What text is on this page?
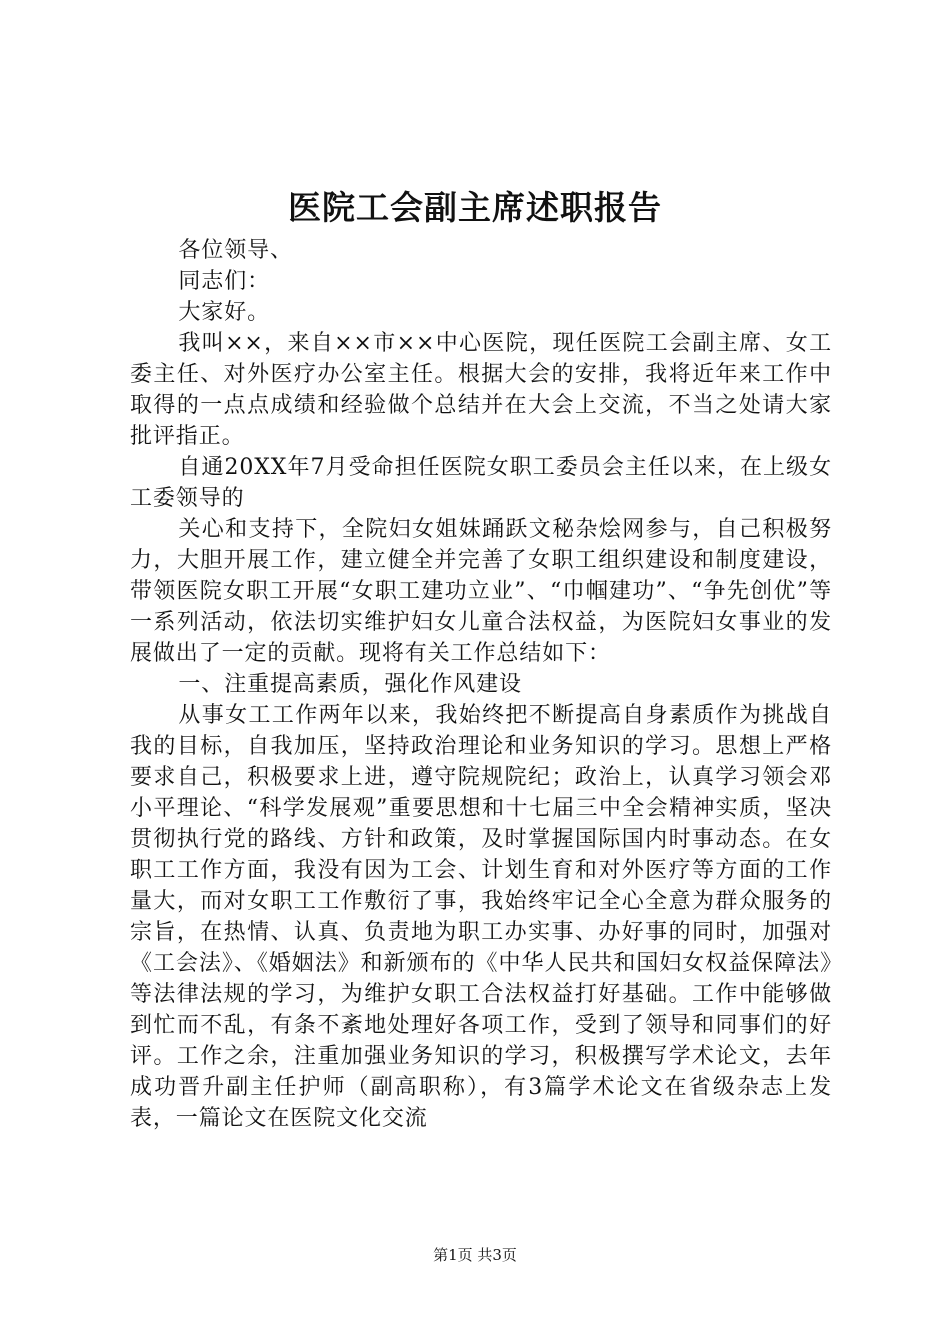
医院工会副主席述职报告

各位领导、

同志们：

大家好。

我叫××，来自××市××中心医院，现任医院工会副主席、女工委主任、对外医疗办公室主任。根据大会的安排，我将近年来工作中取得的一点点成绩和经验做个总结并在大会上交流，不当之处请大家批评指正。

自通20XX年7月受命担任医院女职工委员会主任以来，在上级女工委领导的

关心和支持下，全院妇女姐妹踊跃文秘杂烩网参与，自己积极努力，大胆开展工作，建立健全并完善了女职工组织建设和制度建设，带领医院女职工开展“女职工建功立业”、“巾帼建功”、“争先创优”等一系列活动，依法切实维护妇女儿童合法权益，为医院妇女事业的发展做出了一定的贡献。现将有关工作总结如下：

一、注重提高素质，强化作风建设

从事女工工作两年以来，我始终把不断提高自身素质作为挑战自我的目标，自我加压，坚持政治理论和业务知识的学习。思想上严格要求自己，积极要求上进，遵守院规院纪；政治上，认真学习领会邓小平理论、“科学发展观”重要思想和十七届三中全会精神实质，坚决贯彻执行党的路线、方针和政策，及时掌握国际国内时事动态。在女职工工作方面，我没有因为工会、计划生育和对外医疗等方面的工作量大，而对女职工工作敷衍了事，我始终牢记全心全意为群众服务的宗旨，在热情、认真、负责地为职工办实事、办好事的同时，加强对《工会法》、《婚姻法》和新颁布的《中华人民共和国妇女权益保障法》等法律法规的学习，为维护女职工合法权益打好基础。工作中能够做到忙而不乱，有条不紊地处理好各项工作，受到了领导和同事们的好评。工作之余，注重加强业务知识的学习，积极撰写学术论文，去年成功晋升副主任护师（副高职称），有3篇学术论文在省级杂志上发表，一篇论文在医院文化交流

第1页 共3页
